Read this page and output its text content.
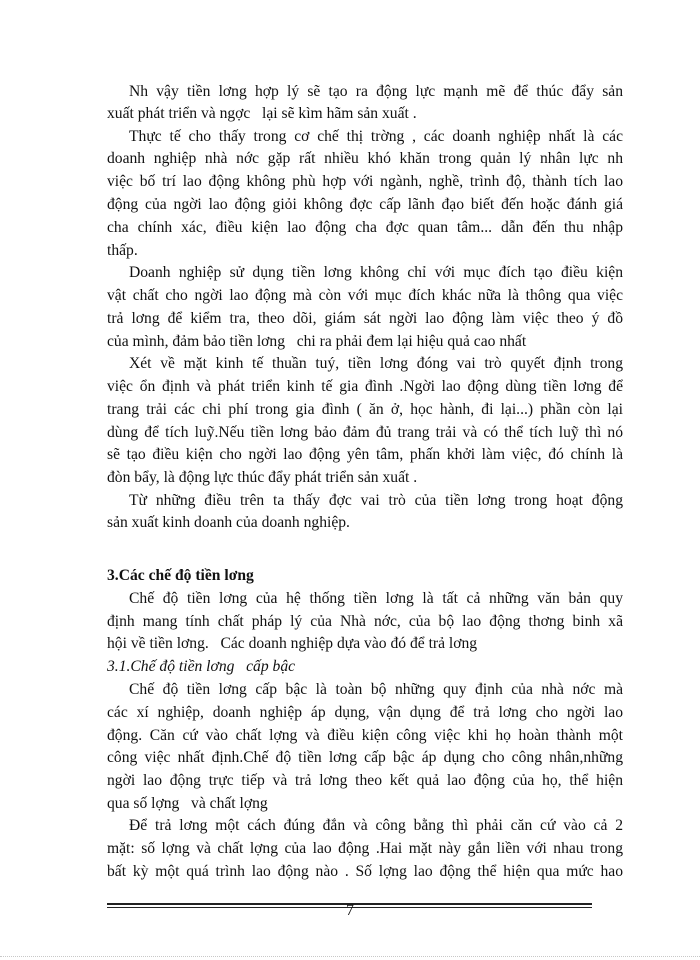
Nh vậy tiền lơng hợp lý sẽ tạo ra động lực mạnh mẽ để thúc đẩy sản
xuất phát triển và ngợc   lại sẽ kìm hãm sản xuất .
Thực tế cho thấy trong cơ chế thị trờng , các doanh nghiệp nhất là các
doanh nghiệp nhà nớc gặp rất nhiều khó khăn trong quản lý nhân lực nh
việc bố trí lao động không phù hợp với ngành, nghề, trình độ, thành tích lao
động của ngời lao động giỏi không đợc cấp lãnh đạo biết đến hoặc đánh giá
cha chính xác, điều kiện lao động cha đợc quan tâm... dẫn đến thu nhập
thấp.
Doanh nghiệp sử dụng tiền lơng không chỉ với mục đích tạo điều kiện
vật chất cho ngời lao động mà còn với mục đích khác nữa là thông qua việc
trả lơng để kiểm tra, theo dõi, giám sát ngời lao động làm việc theo ý đồ
của mình, đảm bảo tiền lơng   chi ra phải đem lại hiệu quả cao nhất
Xét về mặt kinh tế thuần tuý, tiền lơng đóng vai trò quyết định trong
việc ổn định và phát triển kinh tế gia đình .Ngời lao động dùng tiền lơng để
trang trải các chi phí trong gia đình ( ăn ở, học hành, đi lại...) phần còn lại
dùng để tích luỹ.Nếu tiền lơng bảo đảm đủ trang trải và có thể tích luỹ thì nó
sẽ tạo điều kiện cho ngời lao động yên tâm, phấn khởi làm việc, đó chính là
đòn bẩy, là động lực thúc đẩy phát triển sản xuất .
Từ những điều trên ta thấy đợc vai trò của tiền lơng trong hoạt động
sản xuất kinh doanh của doanh nghiệp.
3.Các chế độ tiền lơng
Chế độ tiền lơng của hệ thống tiền lơng là tất cả những văn bản quy
định mang tính chất pháp lý của Nhà nớc, của bộ lao động thơng binh xã
hội về tiền lơng.   Các doanh nghiệp dựa vào đó để trả lơng
3.1.Chế độ tiền lơng   cấp bậc
Chế độ tiền lơng cấp bậc là toàn bộ những quy định của nhà nớc mà
các xí nghiệp, doanh nghiệp áp dụng, vận dụng để trả lơng cho ngời lao
động. Căn cứ vào chất lợng và điều kiện công việc khi họ hoàn thành một
công việc nhất định.Chế độ tiền lơng cấp bậc áp dụng cho công nhân,những
ngời lao động trực tiếp và trả lơng theo kết quả lao động của họ, thể hiện
qua số lợng   và chất lợng
Để trả lơng một cách đúng đắn và công bằng thì phải căn cứ vào cả 2
mặt: số lợng và chất lợng của lao động .Hai mặt này gắn liền với nhau trong
bất kỳ một quá trình lao động nào . Số lợng lao động thể hiện qua mức hao
7
